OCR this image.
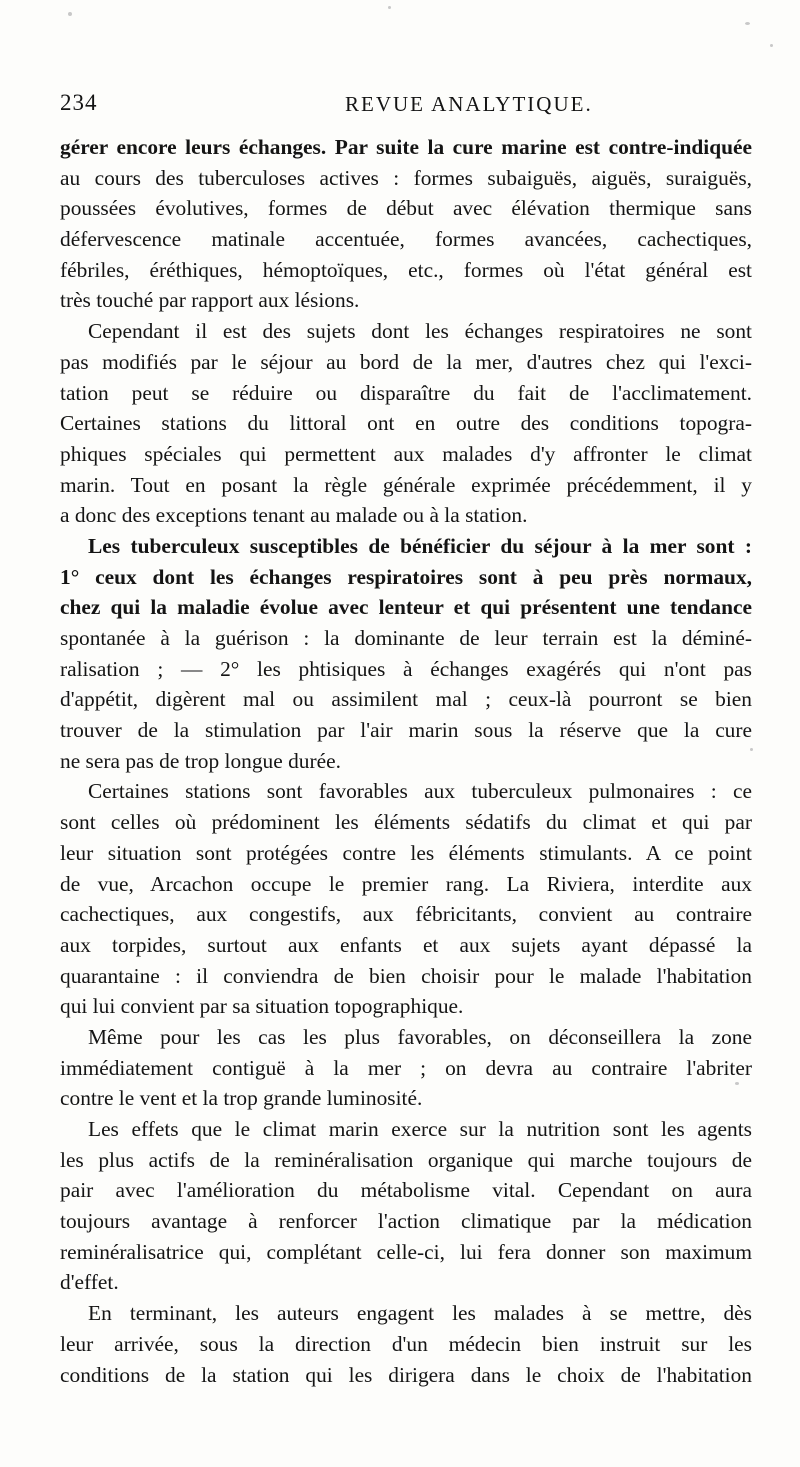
234	REVUE ANALYTIQUE.
gérer encore leurs échanges. Par suite la cure marine est contre-indiquée
au cours des tuberculoses actives : formes subaiguës, aiguës, suraiguës,
poussées évolutives, formes de début avec élévation thermique sans
défervescence matinale accentuée, formes avancées, cachectiques,
fébriles, éréthiques, hémoptoïques, etc., formes où l'état général est
très touché par rapport aux lésions.
Cependant il est des sujets dont les échanges respiratoires ne sont
pas modifiés par le séjour au bord de la mer, d'autres chez qui l'exci-
tation peut se réduire ou disparaître du fait de l'acclimatement.
Certaines stations du littoral ont en outre des conditions topogra-
phiques spéciales qui permettent aux malades d'y affronter le climat
marin. Tout en posant la règle générale exprimée précédemment, il y
a donc des exceptions tenant au malade ou à la station.
Les tuberculeux susceptibles de bénéficier du séjour à la mer sont :
1° ceux dont les échanges respiratoires sont à peu près normaux,
chez qui la maladie évolue avec lenteur et qui présentent une tendance
spontanée à la guérison : la dominante de leur terrain est la déminé-
ralisation ; — 2° les phtisiques à échanges exagérés qui n'ont pas
d'appétit, digèrent mal ou assimilent mal ; ceux-là pourront se bien
trouver de la stimulation par l'air marin sous la réserve que la cure
ne sera pas de trop longue durée.
Certaines stations sont favorables aux tuberculeux pulmonaires : ce
sont celles où prédominent les éléments sédatifs du climat et qui par
leur situation sont protégées contre les éléments stimulants. A ce point
de vue, Arcachon occupe le premier rang. La Riviera, interdite aux
cachectiques, aux congestifs, aux fébricitants, convient au contraire
aux torpides, surtout aux enfants et aux sujets ayant dépassé la
quarantaine : il conviendra de bien choisir pour le malade l'habitation
qui lui convient par sa situation topographique.
Même pour les cas les plus favorables, on déconseillera la zone
immédiatement contiguë à la mer ; on devra au contraire l'abriter
contre le vent et la trop grande luminosité.
Les effets que le climat marin exerce sur la nutrition sont les agents
les plus actifs de la reminéralisation organique qui marche toujours de
pair avec l'amélioration du métabolisme vital. Cependant on aura
toujours avantage à renforcer l'action climatique par la médication
reminéralisatrice qui, complétant celle-ci, lui fera donner son maximum
d'effet.
En terminant, les auteurs engagent les malades à se mettre, dès
leur arrivée, sous la direction d'un médecin bien instruit sur les
conditions de la station qui les dirigera dans le choix de l'habitation
